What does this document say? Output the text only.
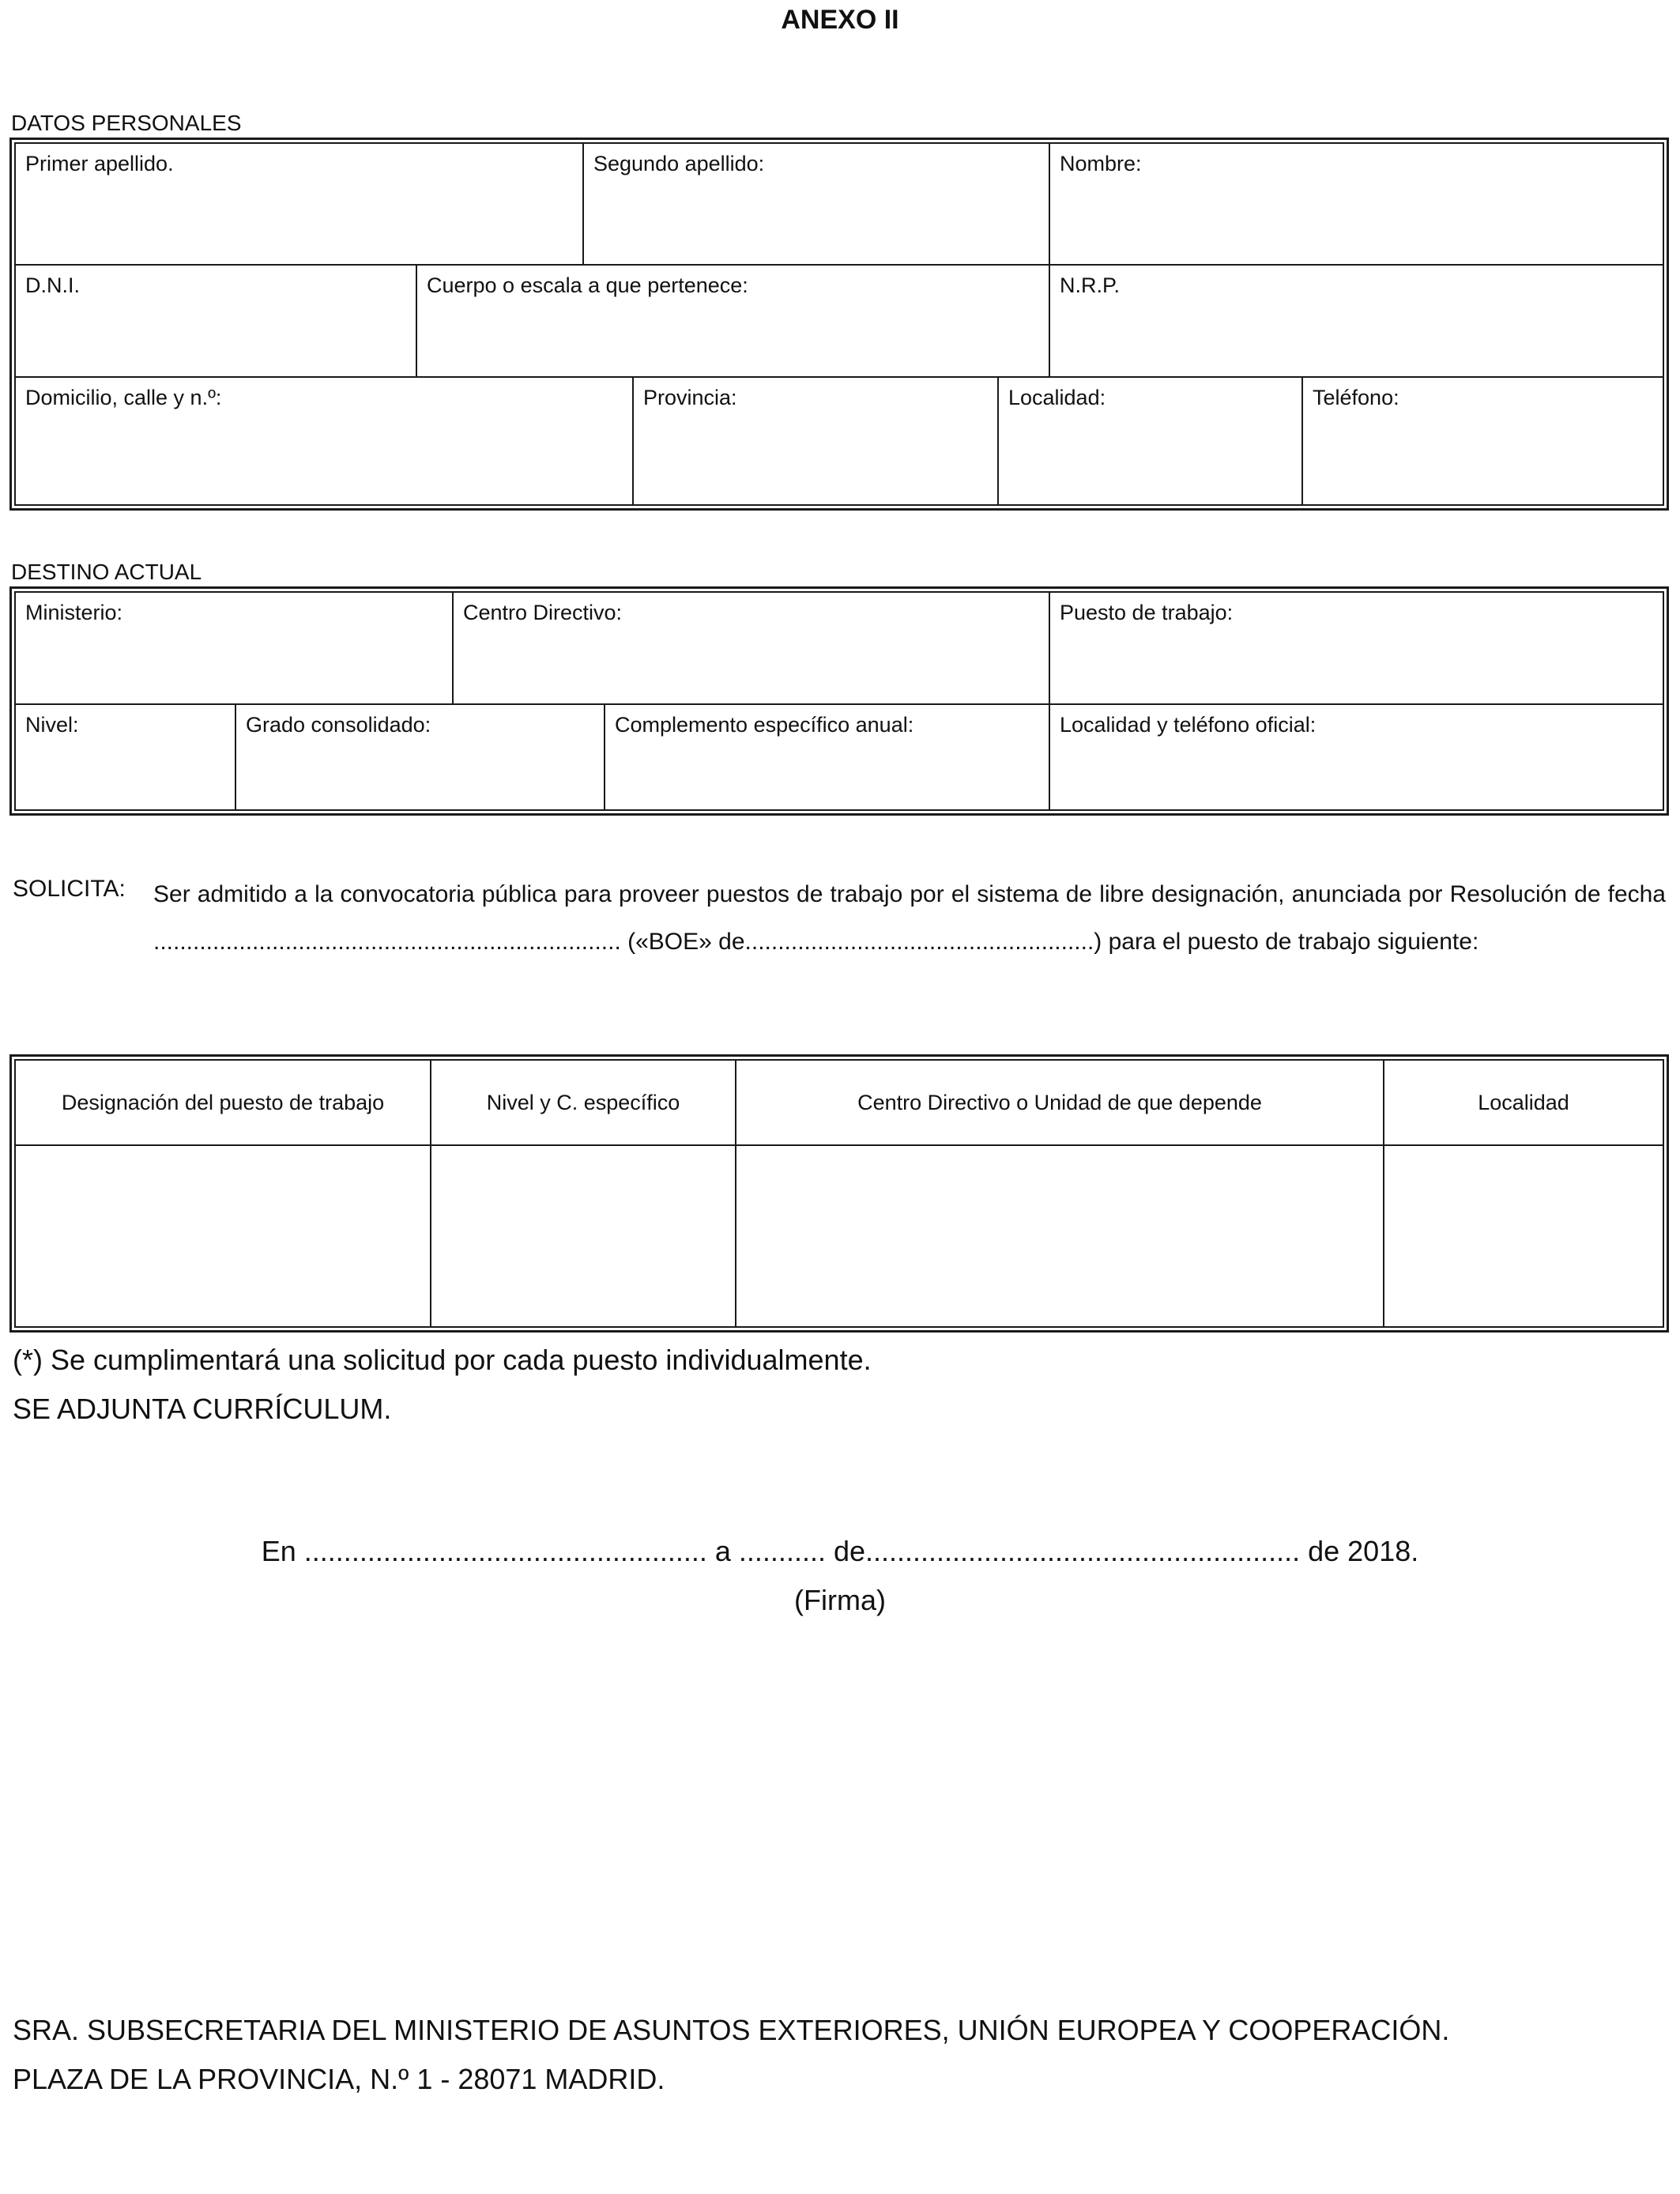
ANEXO II
DATOS PERSONALES
Primer apellido.	Segundo apellido:	Nombre:
D.N.I.	Cuerpo o escala a que pertenece:	N.R.P.
Domicilio, calle y n.º:	Provincia:	Localidad:	Teléfono:
DESTINO ACTUAL
Ministerio:	Centro Directivo:	Puesto de trabajo:
Nivel:	Grado consolidado:	Complemento específico anual:	Localidad y teléfono oficial:
SOLICITA: Ser admitido a la convocatoria pública para proveer puestos de trabajo por el sistema de libre designación, anunciada por Resolución de fecha ....................................................................... («BOE» de.....................................................) para el puesto de trabajo siguiente:
Designación del puesto de trabajo	Nivel y C. específico	Centro Directivo o Unidad de que depende	Localidad
(*) Se cumplimentará una solicitud por cada puesto individualmente.
SE ADJUNTA CURRÍCULUM.
En ................................................... a ........... de....................................................... de 2018.
(Firma)
SRA. SUBSECRETARIA DEL MINISTERIO DE ASUNTOS EXTERIORES, UNIÓN EUROPEA Y COOPERACIÓN.
PLAZA DE LA PROVINCIA, N.º 1 - 28071 MADRID.
